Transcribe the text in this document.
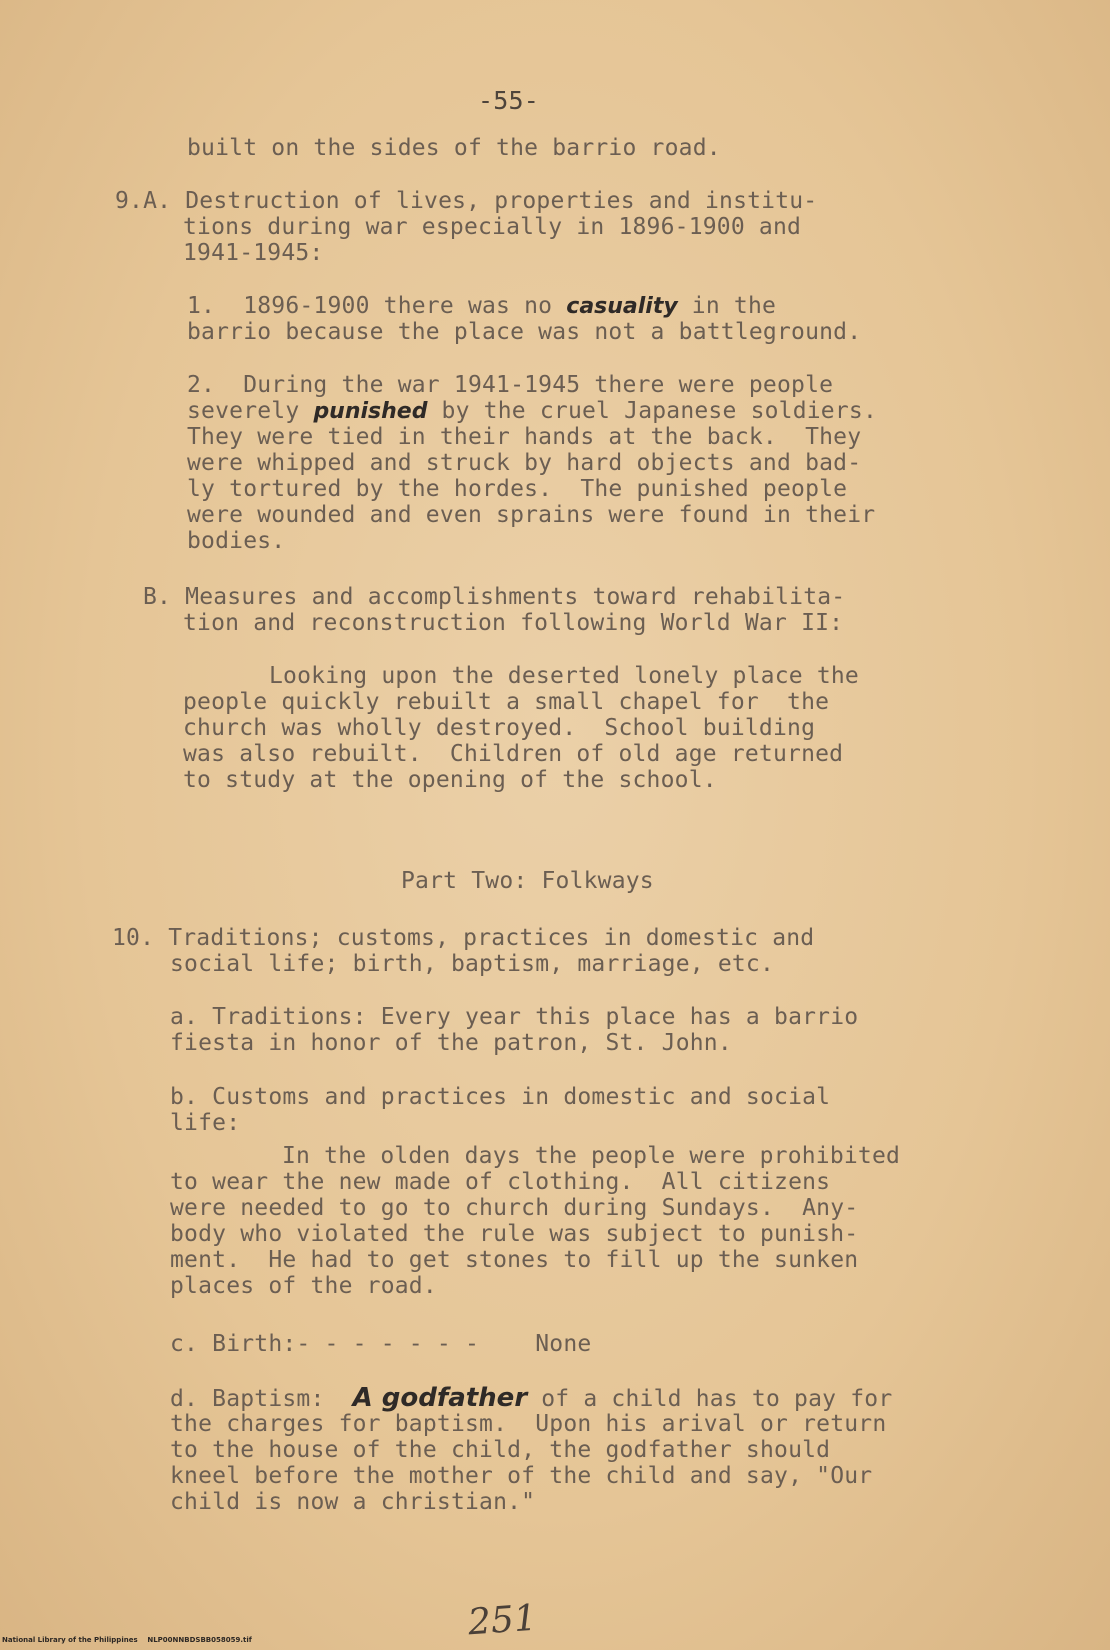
-55-
built on the sides of the barrio road.
9.A. Destruction of lives, properties and institu-
tions during war especially in 1896-1900 and
1941-1945:
1.  1896-1900 there was no casuality in the
barrio because the place was not a battleground.
2.  During the war 1941-1945 there were people
severely punished by the cruel Japanese soldiers.
They were tied in their hands at the back.  They
were whipped and struck by hard objects and bad-
ly tortured by the hordes.  The punished people
were wounded and even sprains were found in their
bodies.
B. Measures and accomplishments toward rehabilita-
tion and reconstruction following World War II:
Looking upon the deserted lonely place the
people quickly rebuilt a small chapel for  the
church was wholly destroyed.  School building
was also rebuilt.  Children of old age returned
to study at the opening of the school.
Part Two: Folkways
10. Traditions; customs, practices in domestic and
social life; birth, baptism, marriage, etc.
a. Traditions: Every year this place has a barrio
fiesta in honor of the patron, St. John.
b. Customs and practices in domestic and social
life:
In the olden days the people were prohibited
to wear the new made of clothing.  All citizens
were needed to go to church during Sundays.  Any-
body who violated the rule was subject to punish-
ment.  He had to get stones to fill up the sunken
places of the road.
c. Birth:- - - - - - -    None
d. Baptism:  A godfather of a child has to pay for
the charges for baptism.  Upon his arival or return
to the house of the child, the godfather should
kneel before the mother of the child and say, "Our
child is now a christian."
251
National Library of the Philippines    NLP00NNBDSBB058059.tif
